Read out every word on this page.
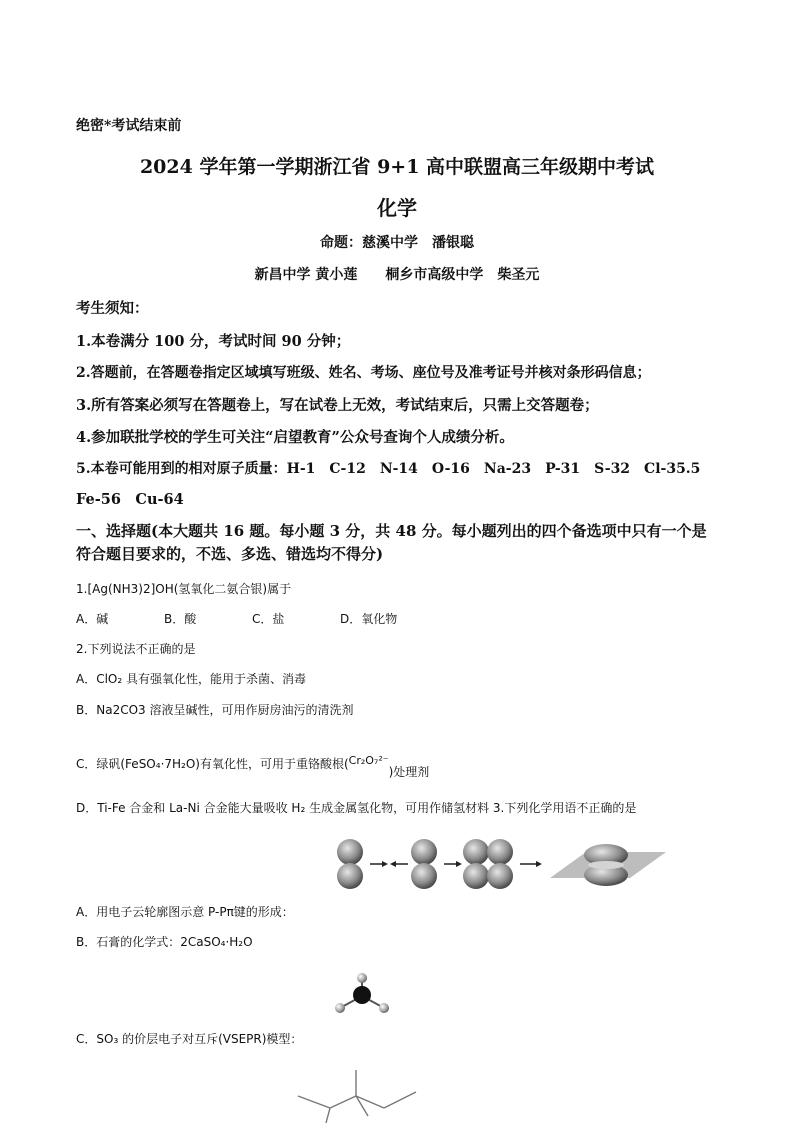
绝密*考试结束前
2024 学年第一学期浙江省 9+1 高中联盟高三年级期中考试
化学
命题：慈溪中学　潘银聪
新昌中学 黄小莲　　桐乡市高级中学　柴圣元
考生须知：
1.本卷满分 100 分，考试时间 90 分钟；
2.答题前，在答题卷指定区域填写班级、姓名、考场、座位号及准考证号并核对条形码信息；
3.所有答案必须写在答题卷上，写在试卷上无效，考试结束后，只需上交答题卷；
4.参加联批学校的学生可关注“启望教育”公众号查询个人成绩分析。
5.本卷可能用到的相对原子质量：H-1　C-12　N-14　O-16　Na-23　P-31　S-32　Cl-35.5
Fe-56　Cu-64
一、选择题(本大题共 16 题。每小题 3 分，共 48 分。每小题列出的四个备选项中只有一个是
符合题目要求的，不选、多选、错选均不得分)
1.[Ag(NH3)2]OH(氢氧化二氨合银)属于
A．碱	B．酸	C．盐	D．氧化物
2.下列说法不正确的是
A．ClO₂ 具有强氧化性，能用于杀菌、消毒
B．Na2CO3 溶液呈碱性，可用作厨房油污的清洗剂
C．绿矾(FeSO₄·7H₂O)有氧化性，可用于重铬酸根(Cr₂O₇²⁻)处理剂
D．Ti-Fe 合金和 La-Ni 合金能大量吸收 H₂ 生成金属氢化物，可用作储氢材料 3.下列化学用语不正确的是
A．用电子云轮廓图示意 P-Pπ键的形成：
B．石膏的化学式：2CaSO₄·H₂O
C．SO₃ 的价层电子对互斥(VSEPR)模型：
